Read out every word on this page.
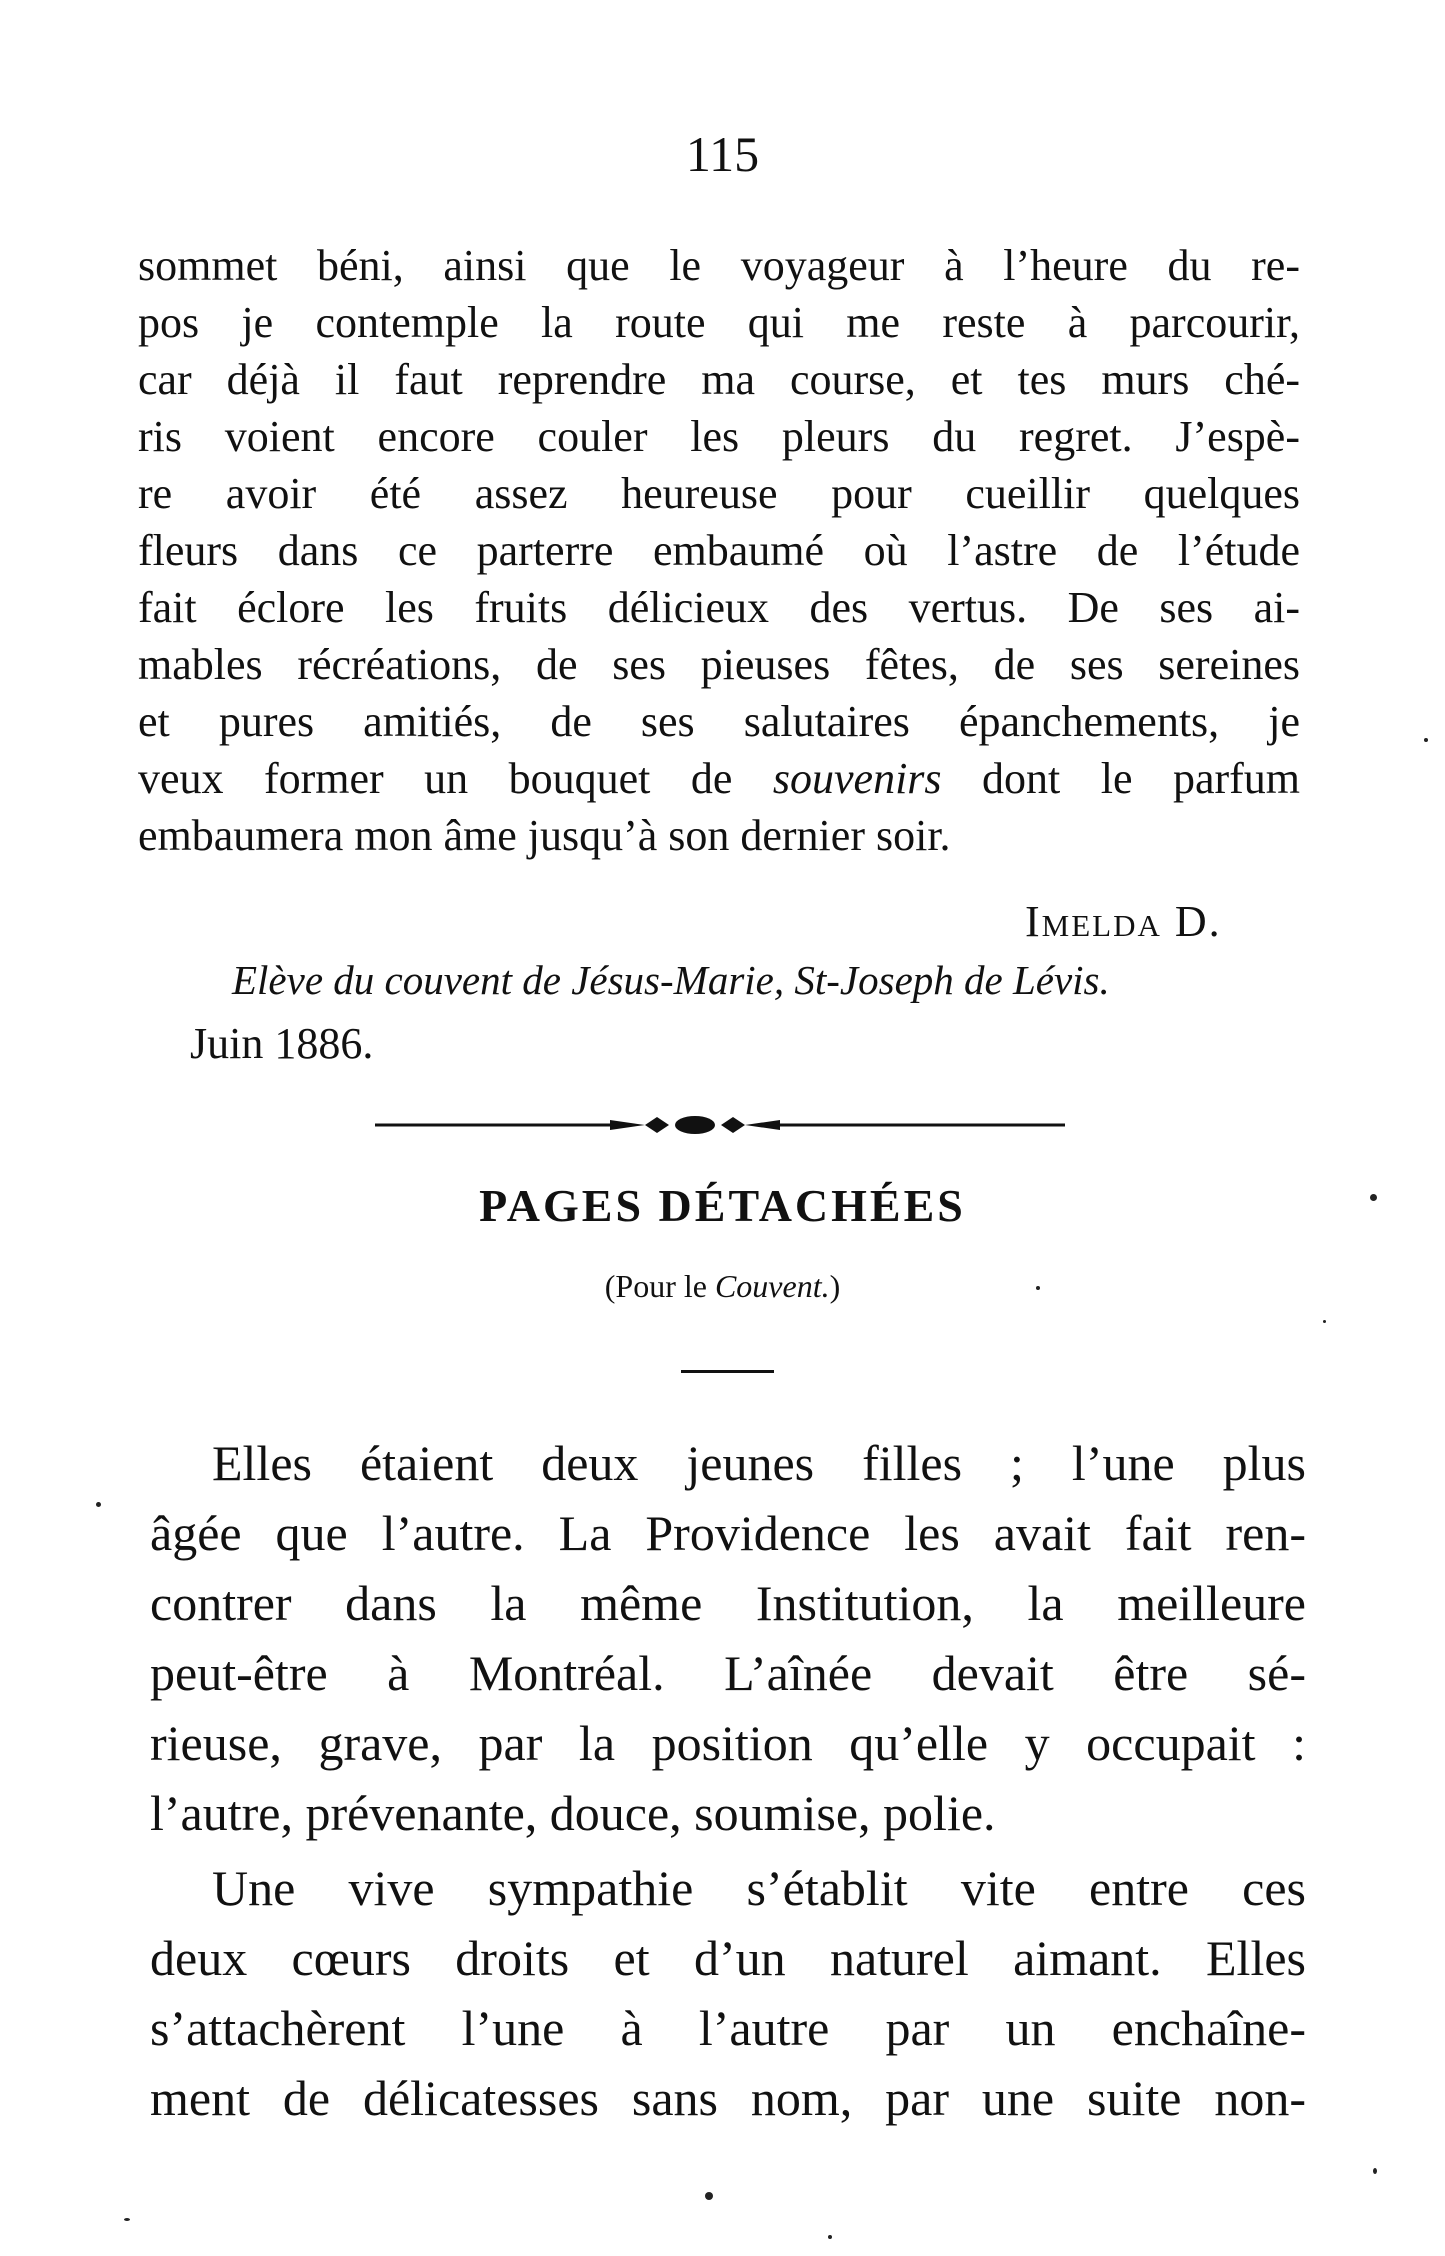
115
sommet béni, ainsi que le voyageur à l’heure du re-
pos je contemple la route qui me reste à parcourir,
car déjà il faut reprendre ma course, et tes murs ché-
ris voient encore couler les pleurs du regret. J’espè-
re avoir été assez heureuse pour cueillir quelques
fleurs dans ce parterre embaumé où l’astre de l’étude
fait éclore les fruits délicieux des vertus. De ses ai-
mables récréations, de ses pieuses fêtes, de ses sereines
et pures amitiés, de ses salutaires épanchements, je
veux former un bouquet de souvenirs dont le parfum
embaumera mon âme jusqu’à son dernier soir.
Imelda D.
Elève du couvent de Jésus-Marie, St-Joseph de Lévis.
Juin 1886.
PAGES DÉTACHÉES
(Pour le Couvent.)
Elles étaient deux jeunes filles ; l’une plus
âgée que l’autre. La Providence les avait fait ren-
contrer dans la même Institution, la meilleure
peut-être à Montréal. L’aînée devait être sé-
rieuse, grave, par la position qu’elle y occupait :
l’autre, prévenante, douce, soumise, polie.
Une vive sympathie s’établit vite entre ces
deux cœurs droits et d’un naturel aimant. Elles
s’attachèrent l’une à l’autre par un enchaîne-
ment de délicatesses sans nom, par une suite non-
